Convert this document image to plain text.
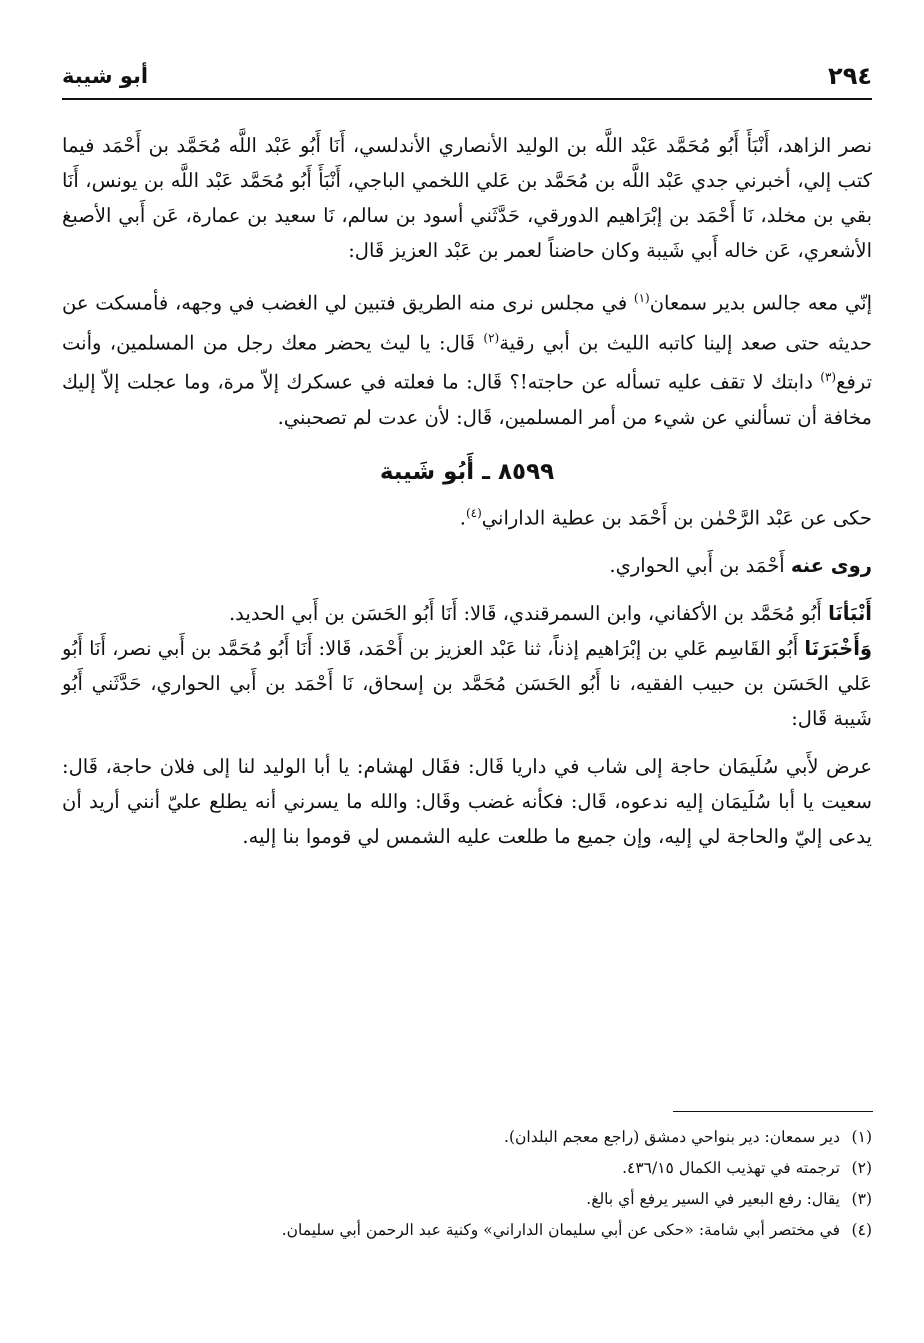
٢٩٤
أبو شيبة

نصر الزاهد، أَنْبَأَ أَبُو مُحَمَّد عَبْد اللَّه بن الوليد الأنصاري الأندلسي، أَنَا أَبُو عَبْد اللَّه مُحَمَّد بن أَحْمَد فيما كتب إلي، أخبرني جدي عَبْد اللَّه بن مُحَمَّد بن عَلي اللخمي الباجي، أَنْبَأَ أَبُو مُحَمَّد عَبْد اللَّه بن يونس، أَنَا بقي بن مخلد، نَا أَحْمَد بن إبْرَاهيم الدورقي، حَدَّثَني أسود بن سالم، نَا سعيد بن عمارة، عَن أَبي الأصبغ الأشعري، عَن خاله أَبي شَيبة وكان حاضناً لعمر بن عَبْد العزيز قَال:

إنّي معه جالس بدير سمعان$^{(١)}$ في مجلس نرى منه الطريق فتبين لي الغضب في وجهه، فأمسكت عن حديثه حتى صعد إلينا كاتبه الليث بن أبي رقية$^{(٢)}$ قَال: يا ليث يحضر معك رجل من المسلمين، وأنت ترفع$^{(٣)}$ دابتك لا تقف عليه تسأله عن حاجته!؟ قَال: ما فعلته في عسكرك إلاّ مرة، وما عجلت إلاّ إليك مخافة أن تسألني عن شيء من أمر المسلمين، قَال: لأن عدت لم تصحبني.

٨٥٩٩ ـ أَبُو شَيبة

حكى عن عَبْد الرَّحْمٰن بن أَحْمَد بن عطية الداراني$^{(٤)}$.

روى عنه أَحْمَد بن أَبي الحواري.

أَنْبَأنَا أَبُو مُحَمَّد بن الأكفاني، وابن السمرقندي، قَالا: أَنَا أَبُو الحَسَن بن أَبي الحديد.

وَأَخْبَرَنَا أَبُو القَاسِم عَلي بن إبْرَاهيم إذناً، ثنا عَبْد العزيز بن أَحْمَد، قَالا: أَنَا أَبُو مُحَمَّد بن أَبي نصر، أَنَا أَبُو عَلي الحَسَن بن حبيب الفقيه، نا أَبُو الحَسَن مُحَمَّد بن إسحاق، نَا أَحْمَد بن أَبي الحواري، حَدَّثَني أَبُو شَيبة قَال:

عرض لأَبي سُلَيمَان حاجة إلى شاب في داريا قَال: فقَال لهشام: يا أبا الوليد لنا إلى فلان حاجة، قَال: سعيت يا أبا سُلَيمَان إليه ندعوه، قَال: فكأنه غضب وقَال: والله ما يسرني أنه يطلع عليّ أنني أريد أن يدعى إليّ والحاجة لي إليه، وإن جميع ما طلعت عليه الشمس لي قوموا بنا إليه.

(١)دير سمعان: دير بنواحي دمشق (راجع معجم البلدان).
(٢)ترجمته في تهذيب الكمال ٤٣٦/١٥.
(٣)يقال: رفع البعير في السير يرفع أي بالغ.
(٤)في مختصر أبي شامة: «حكى عن أبي سليمان الداراني» وكنية عبد الرحمن أبي سليمان.
